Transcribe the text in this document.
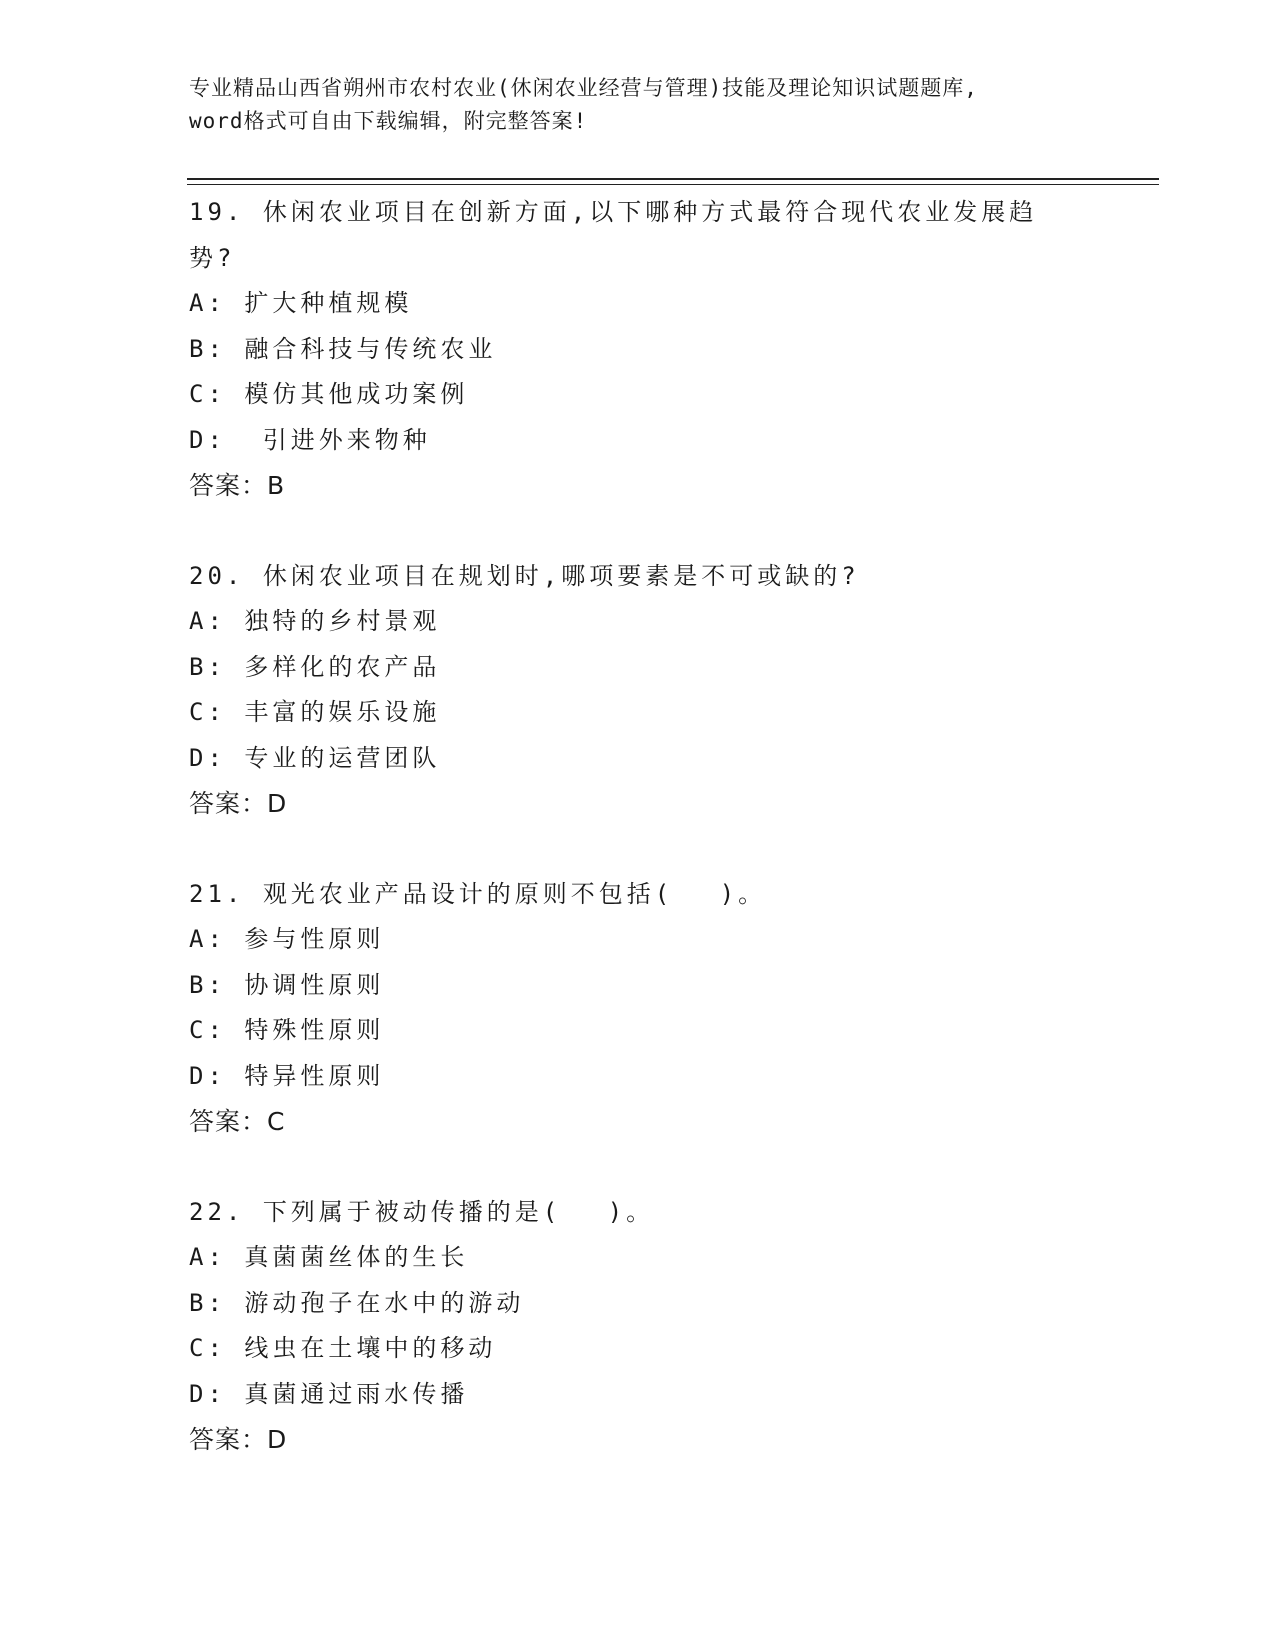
专业精品山西省朔州市农村农业(休闲农业经营与管理)技能及理论知识试题题库,
word格式可自由下载编辑，附完整答案!

19. 休闲农业项目在创新方面,以下哪种方式最符合现代农业发展趋势?

A: 扩大种植规模

B: 融合科技与传统农业

C: 模仿其他成功案例

D:  引进外来物种

答案：B

20. 休闲农业项目在规划时,哪项要素是不可或缺的?

A: 独特的乡村景观

B: 多样化的农产品

C: 丰富的娱乐设施

D: 专业的运营团队

答案：D

21. 观光农业产品设计的原则不包括(　 )。

A: 参与性原则

B: 协调性原则

C: 特殊性原则

D: 特异性原则

答案：C

22. 下列属于被动传播的是(　 )。

A: 真菌菌丝体的生长

B: 游动孢子在水中的游动

C: 线虫在土壤中的移动

D: 真菌通过雨水传播

答案：D
